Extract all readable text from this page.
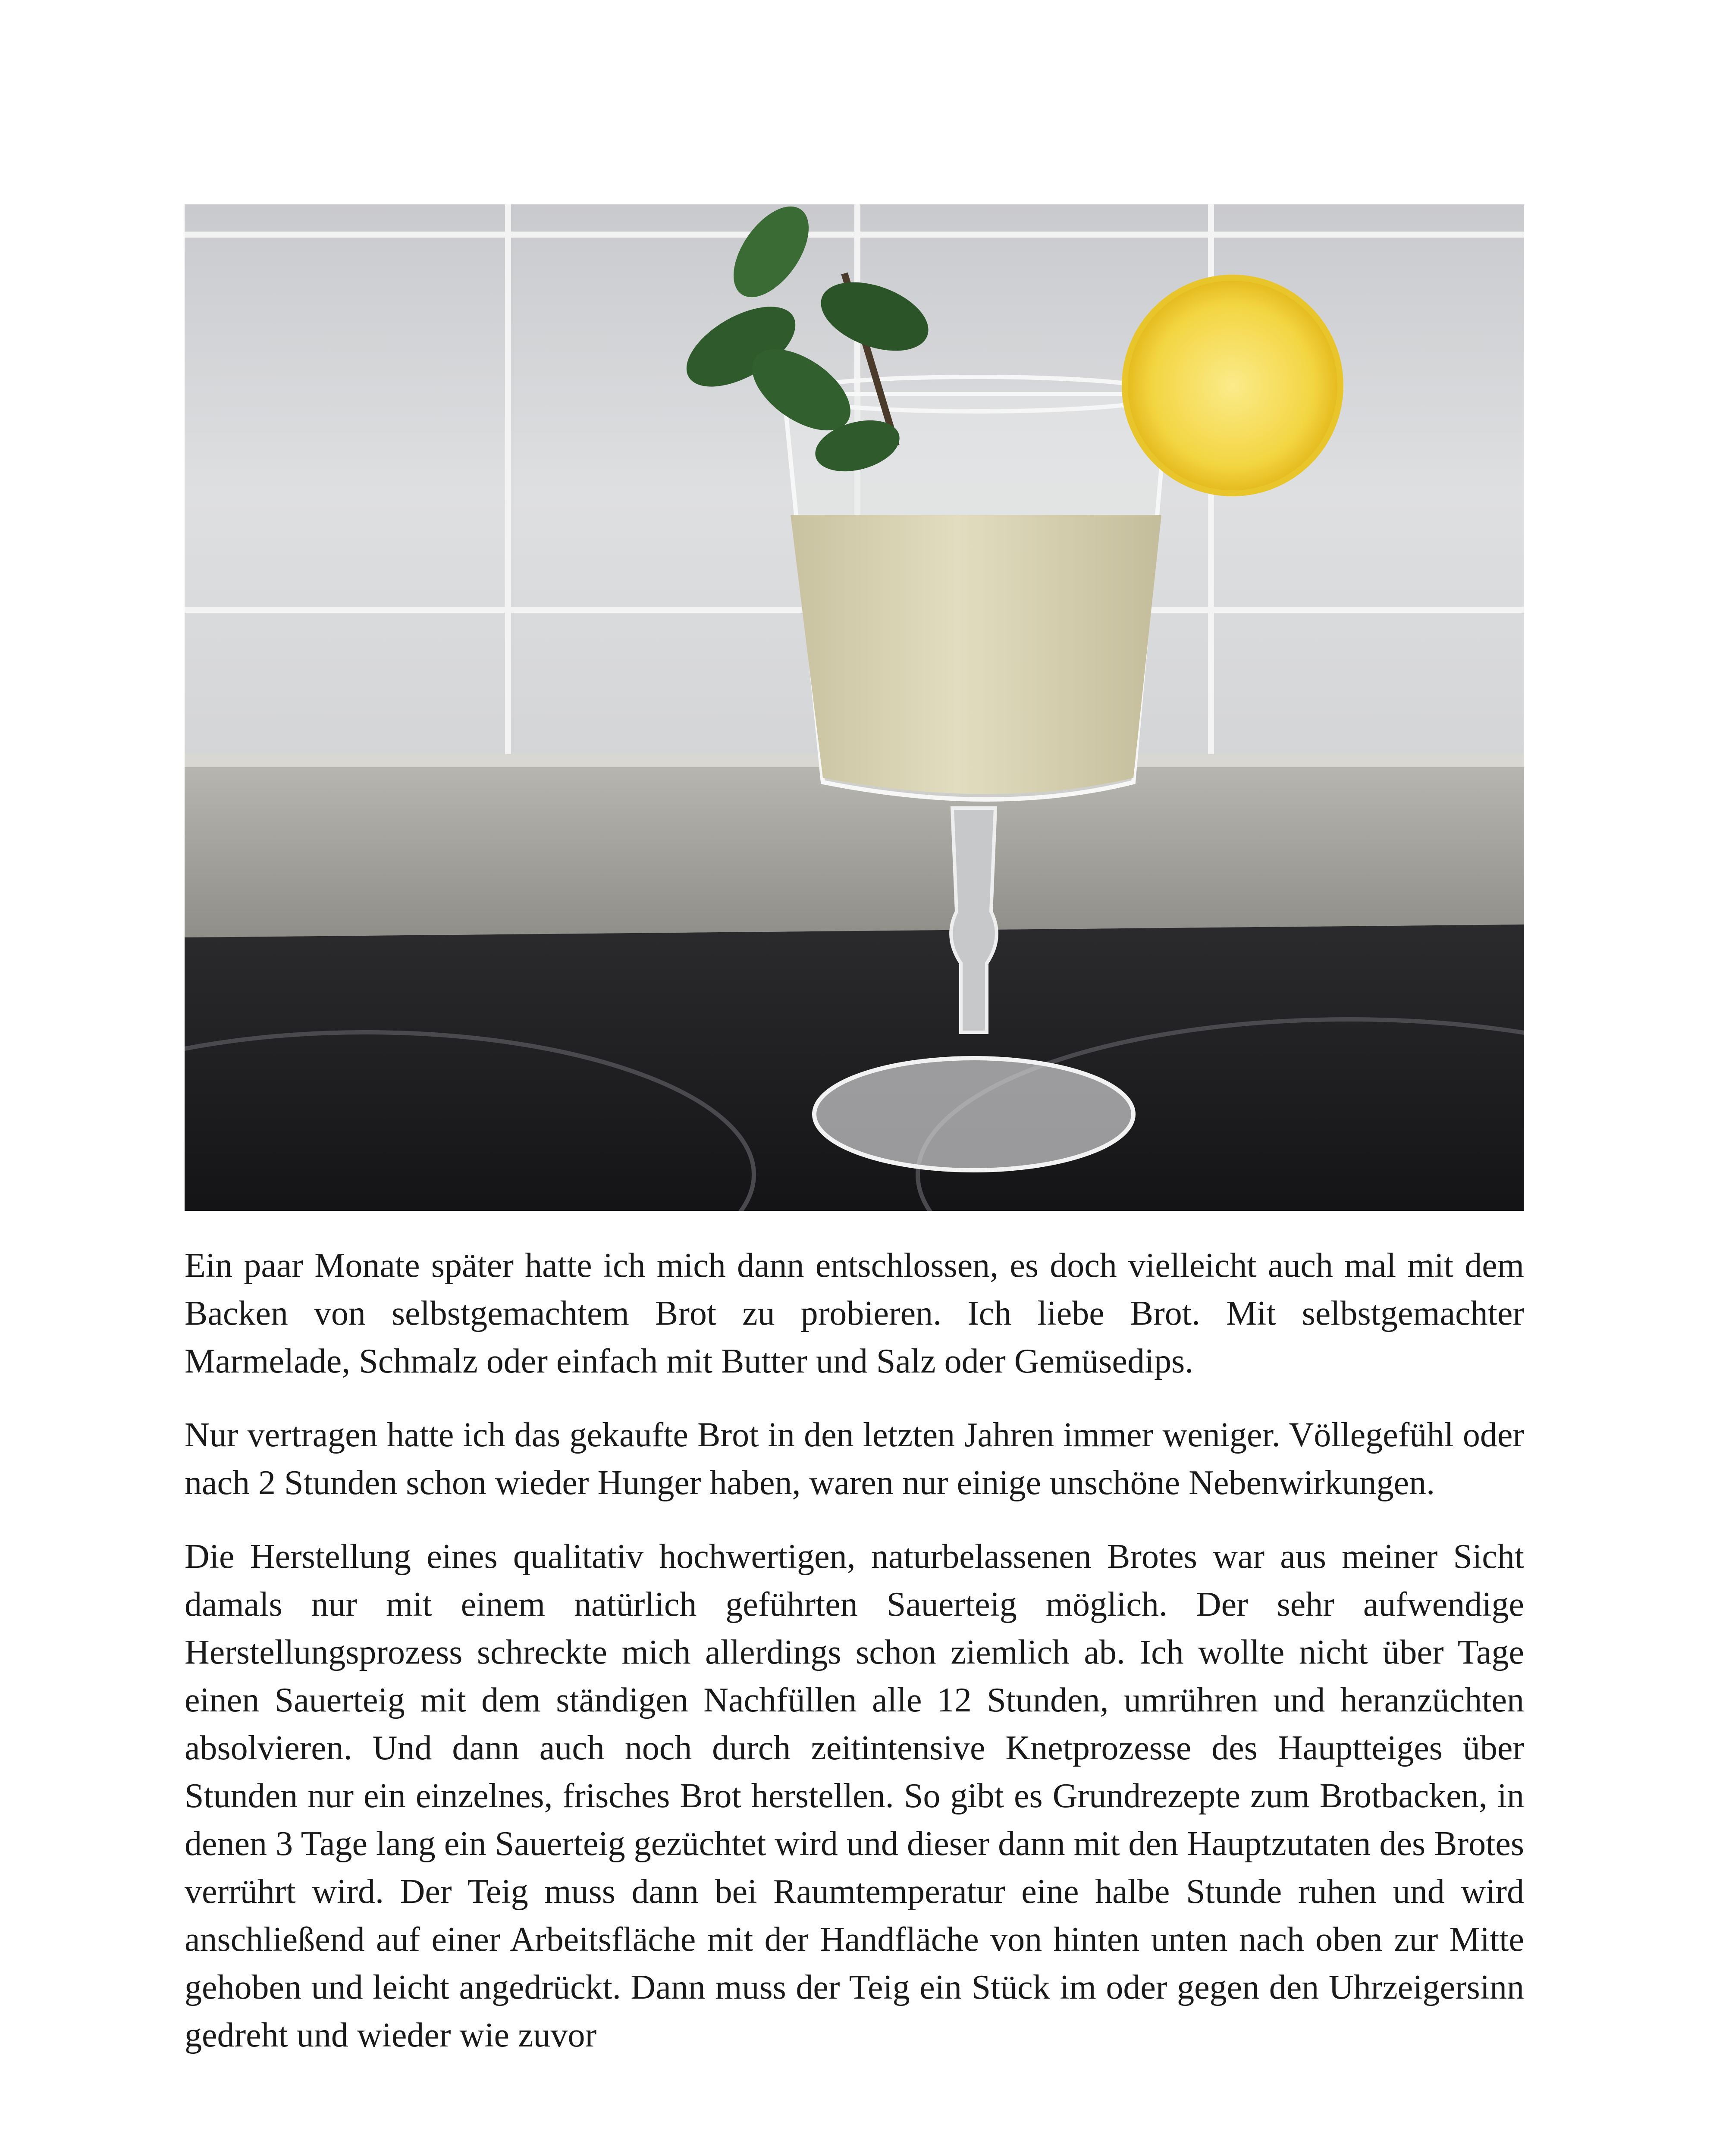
Ein paar Monate später hatte ich mich dann entschlossen, es doch vielleicht auch mal mit dem Backen von selbstgemachtem Brot zu probieren. Ich liebe Brot. Mit selbstgemachter Marmelade, Schmalz oder einfach mit Butter und Salz oder Gemüsedips.

Nur vertragen hatte ich das gekaufte Brot in den letzten Jahren immer weniger. Völlegefühl oder nach 2 Stunden schon wieder Hunger haben, waren nur einige unschöne Nebenwirkungen.

Die Herstellung eines qualitativ hochwertigen, naturbelassenen Brotes war aus meiner Sicht damals nur mit einem natürlich geführten Sauerteig möglich. Der sehr aufwendige Herstellungsprozess schreckte mich allerdings schon ziemlich ab. Ich wollte nicht über Tage einen Sauerteig mit dem ständigen Nachfüllen alle 12 Stunden, umrühren und heranzüchten absolvieren. Und dann auch noch durch zeitintensive Knetprozesse des Hauptteiges über Stunden nur ein einzelnes, frisches Brot herstellen. So gibt es Grundrezepte zum Brotbacken, in denen 3 Tage lang ein Sauerteig gezüchtet wird und dieser dann mit den Hauptzutaten des Brotes verrührt wird. Der Teig muss dann bei Raumtemperatur eine halbe Stunde ruhen und wird anschließend auf einer Arbeitsfläche mit der Handfläche von hinten unten nach oben zur Mitte gehoben und leicht angedrückt. Dann muss der Teig ein Stück im oder gegen den Uhrzeigersinn gedreht und wieder wie zuvor
